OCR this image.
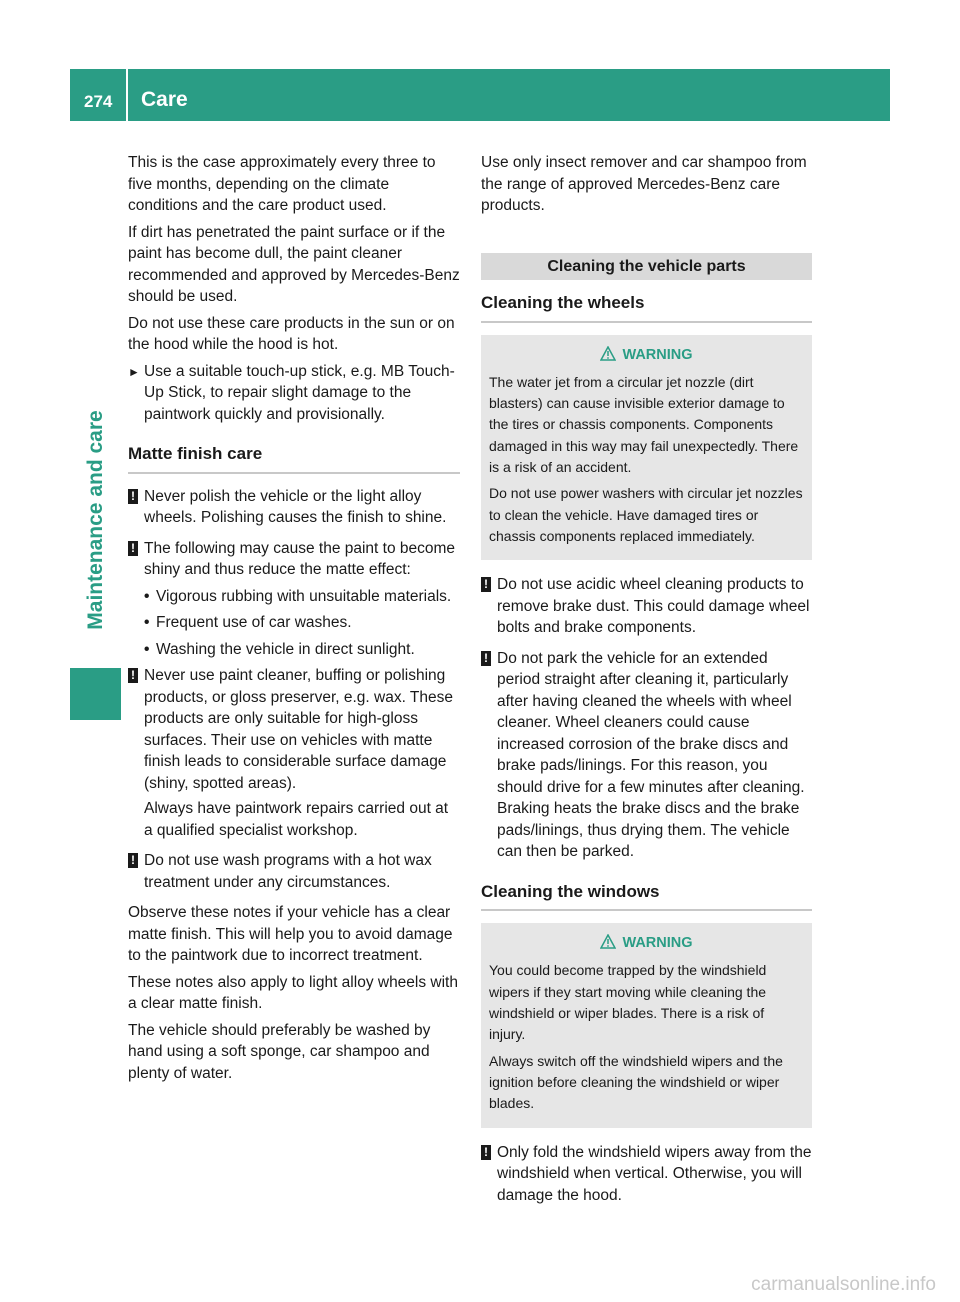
274 Care
Maintenance and care

This is the case approximately every three to five months, depending on the climate conditions and the care product used.

If dirt has penetrated the paint surface or if the paint has become dull, the paint cleaner recommended and approved by Mercedes-Benz should be used.

Do not use these care products in the sun or on the hood while the hood is hot.

► Use a suitable touch-up stick, e.g. MB Touch-Up Stick, to repair slight damage to the paintwork quickly and provisionally.
Matte finish care
! Never polish the vehicle or the light alloy wheels. Polishing causes the finish to shine.
! The following may cause the paint to become shiny and thus reduce the matte effect:
• Vigorous rubbing with unsuitable materials.
• Frequent use of car washes.
• Washing the vehicle in direct sunlight.
! Never use paint cleaner, buffing or polishing products, or gloss preserver, e.g. wax. These products are only suitable for high-gloss surfaces. Their use on vehicles with matte finish leads to considerable surface damage (shiny, spotted areas).
Always have paintwork repairs carried out at a qualified specialist workshop.
! Do not use wash programs with a hot wax treatment under any circumstances.

Observe these notes if your vehicle has a clear matte finish. This will help you to avoid damage to the paintwork due to incorrect treatment.

These notes also apply to light alloy wheels with a clear matte finish.

The vehicle should preferably be washed by hand using a soft sponge, car shampoo and plenty of water.

Use only insect remover and car shampoo from the range of approved Mercedes-Benz care products.

Cleaning the vehicle parts
Cleaning the wheels
WARNING

The water jet from a circular jet nozzle (dirt blasters) can cause invisible exterior damage to the tires or chassis components. Components damaged in this way may fail unexpectedly. There is a risk of an accident.

Do not use power washers with circular jet nozzles to clean the vehicle. Have damaged tires or chassis components replaced immediately.

! Do not use acidic wheel cleaning products to remove brake dust. This could damage wheel bolts and brake components.
! Do not park the vehicle for an extended period straight after cleaning it, particularly after having cleaned the wheels with wheel cleaner. Wheel cleaners could cause increased corrosion of the brake discs and brake pads/linings. For this reason, you should drive for a few minutes after cleaning. Braking heats the brake discs and the brake pads/linings, thus drying them. The vehicle can then be parked.
Cleaning the windows
WARNING

You could become trapped by the windshield wipers if they start moving while cleaning the windshield or wiper blades. There is a risk of injury.

Always switch off the windshield wipers and the ignition before cleaning the windshield or wiper blades.

! Only fold the windshield wipers away from the windshield when vertical. Otherwise, you will damage the hood.
carmanualsonline.info
